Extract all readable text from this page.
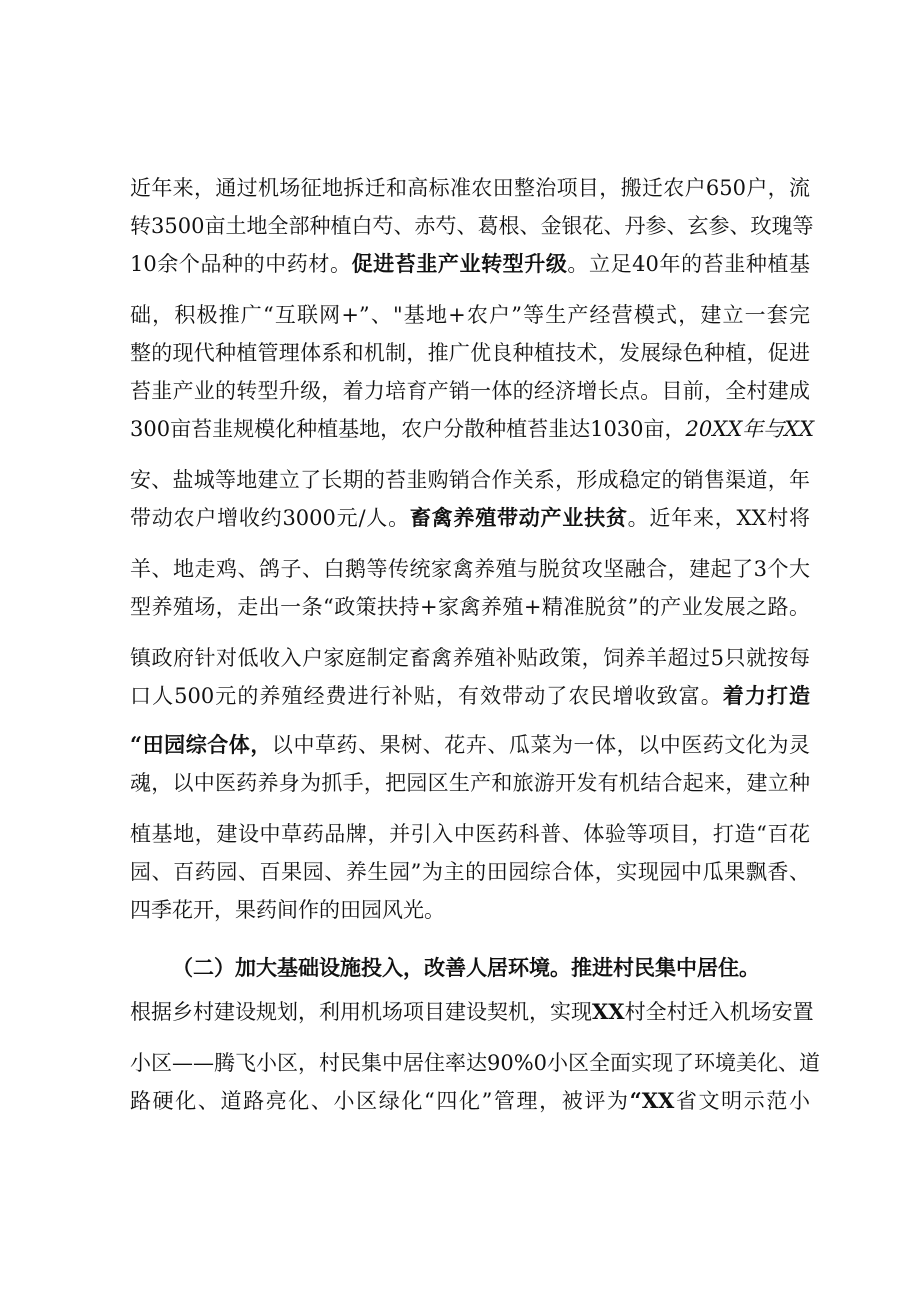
近年来，通过机场征地拆迁和高标准农田整治项目，搬迁农户650户，流
转3500亩土地全部种植白芍、赤芍、葛根、金银花、丹参、玄参、玫瑰等
10余个品种的中药材。促进苔韭产业转型升级。立足40年的苔韭种植基
础，积极推广“互联网+”、"基地+农户”等生产经营模式，建立一套完
整的现代种植管理体系和机制，推广优良种植技术，发展绿色种植，促进
苔韭产业的转型升级，着力培育产销一体的经济增长点。目前，全村建成
300亩苔韭规模化种植基地，农户分散种植苔韭达1030亩，20XX年与XX
安、盐城等地建立了长期的苔韭购销合作关系，形成稳定的销售渠道，年
带动农户增收约3000元/人。畜禽养殖带动产业扶贫。近年来，XX村将
羊、地走鸡、鸽子、白鹅等传统家禽养殖与脱贫攻坚融合，建起了3个大
型养殖场，走出一条“政策扶持+家禽养殖+精准脱贫”的产业发展之路。
镇政府针对低收入户家庭制定畜禽养殖补贴政策，饲养羊超过5只就按每
口人500元的养殖经费进行补贴，有效带动了农民增收致富。着力打造
“田园综合体，以中草药、果树、花卉、瓜菜为一体，以中医药文化为灵
魂，以中医药养身为抓手，把园区生产和旅游开发有机结合起来，建立种
植基地，建设中草药品牌，并引入中医药科普、体验等项目，打造“百花
园、百药园、百果园、养生园”为主的田园综合体，实现园中瓜果飘香、
四季花开，果药间作的田园风光。
（二）加大基础设施投入，改善人居环境。推进村民集中居住。
根据乡村建设规划，利用机场项目建设契机，实现XX村全村迁入机场安置
小区——腾飞小区，村民集中居住率达90%0小区全面实现了环境美化、道
路硬化、道路亮化、小区绿化“四化”管理，被评为“XX省文明示范小
